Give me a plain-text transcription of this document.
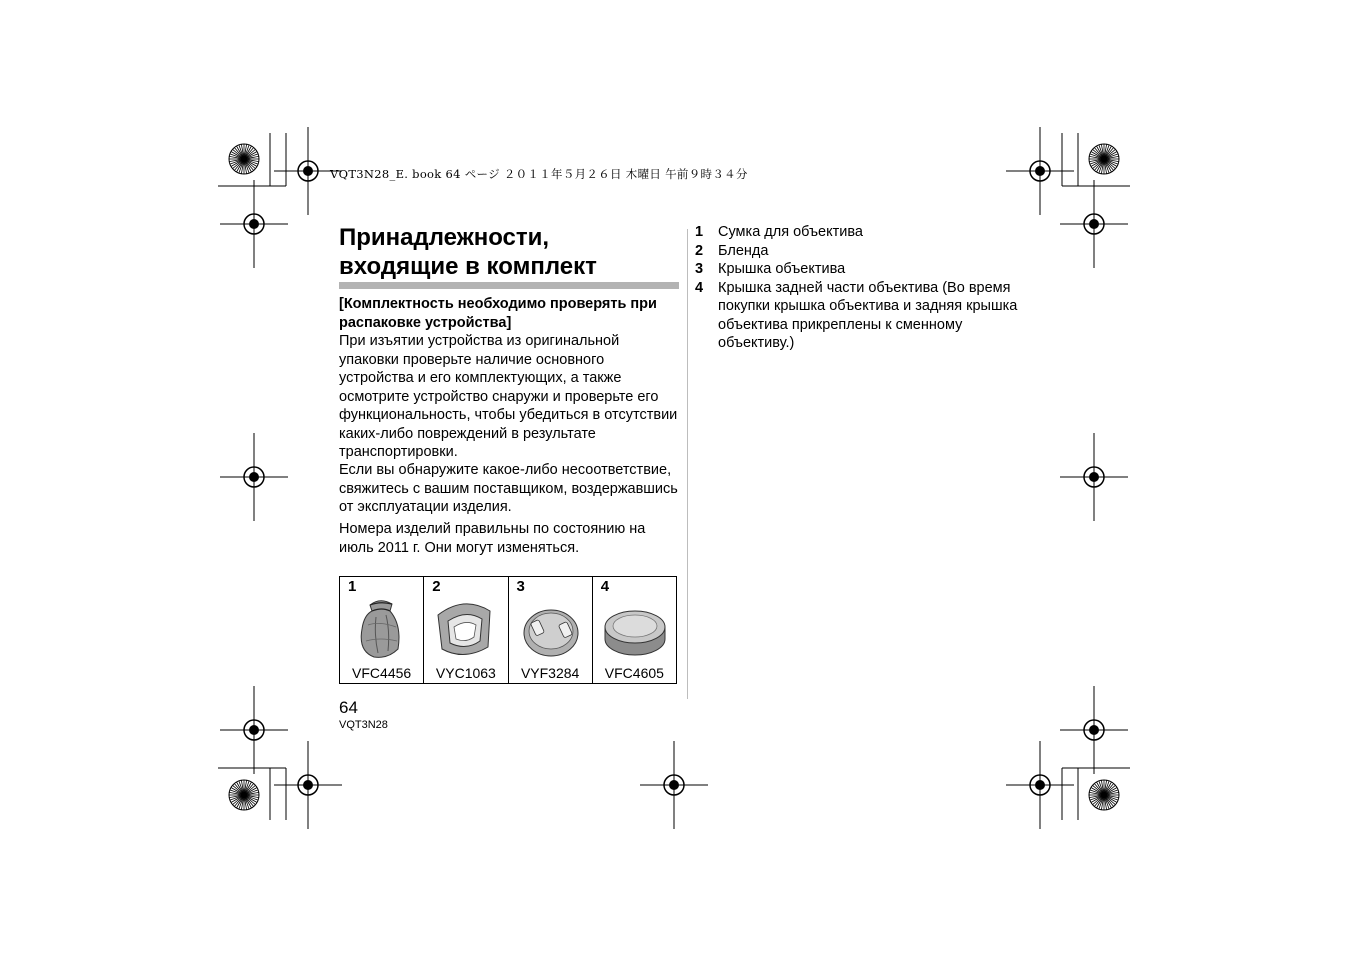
VQT3N28_E. book 64 ページ ２０１１年５月２６日 木曜日 午前９時３４分
Принадлежности,
входящие в комплект
[Комплектность необходимо проверять при распаковке устройства]
При изъятии устройства из оригинальной упаковки проверьте наличие основного устройства и его комплектующих, а также осмотрите устройство снаружи и проверьте его функциональность, чтобы убедиться в отсутствии каких-либо повреждений в результате транспортировки.
Если вы обнаружите какое-либо несоответствие, свяжитесь с вашим поставщиком, воздержавшись от эксплуатации изделия.
Номера изделий правильны по состоянию на июль 2011 г. Они могут изменяться.
1
VFC4456
2
VYC1063
3
VYF3284
4
VFC4605
1	Сумка для объектива
2	Бленда
3	Крышка объектива
4	Крышка задней части объектива (Во время покупки крышка объектива и задняя крышка объектива прикреплены к сменному объективу.)
64
VQT3N28
